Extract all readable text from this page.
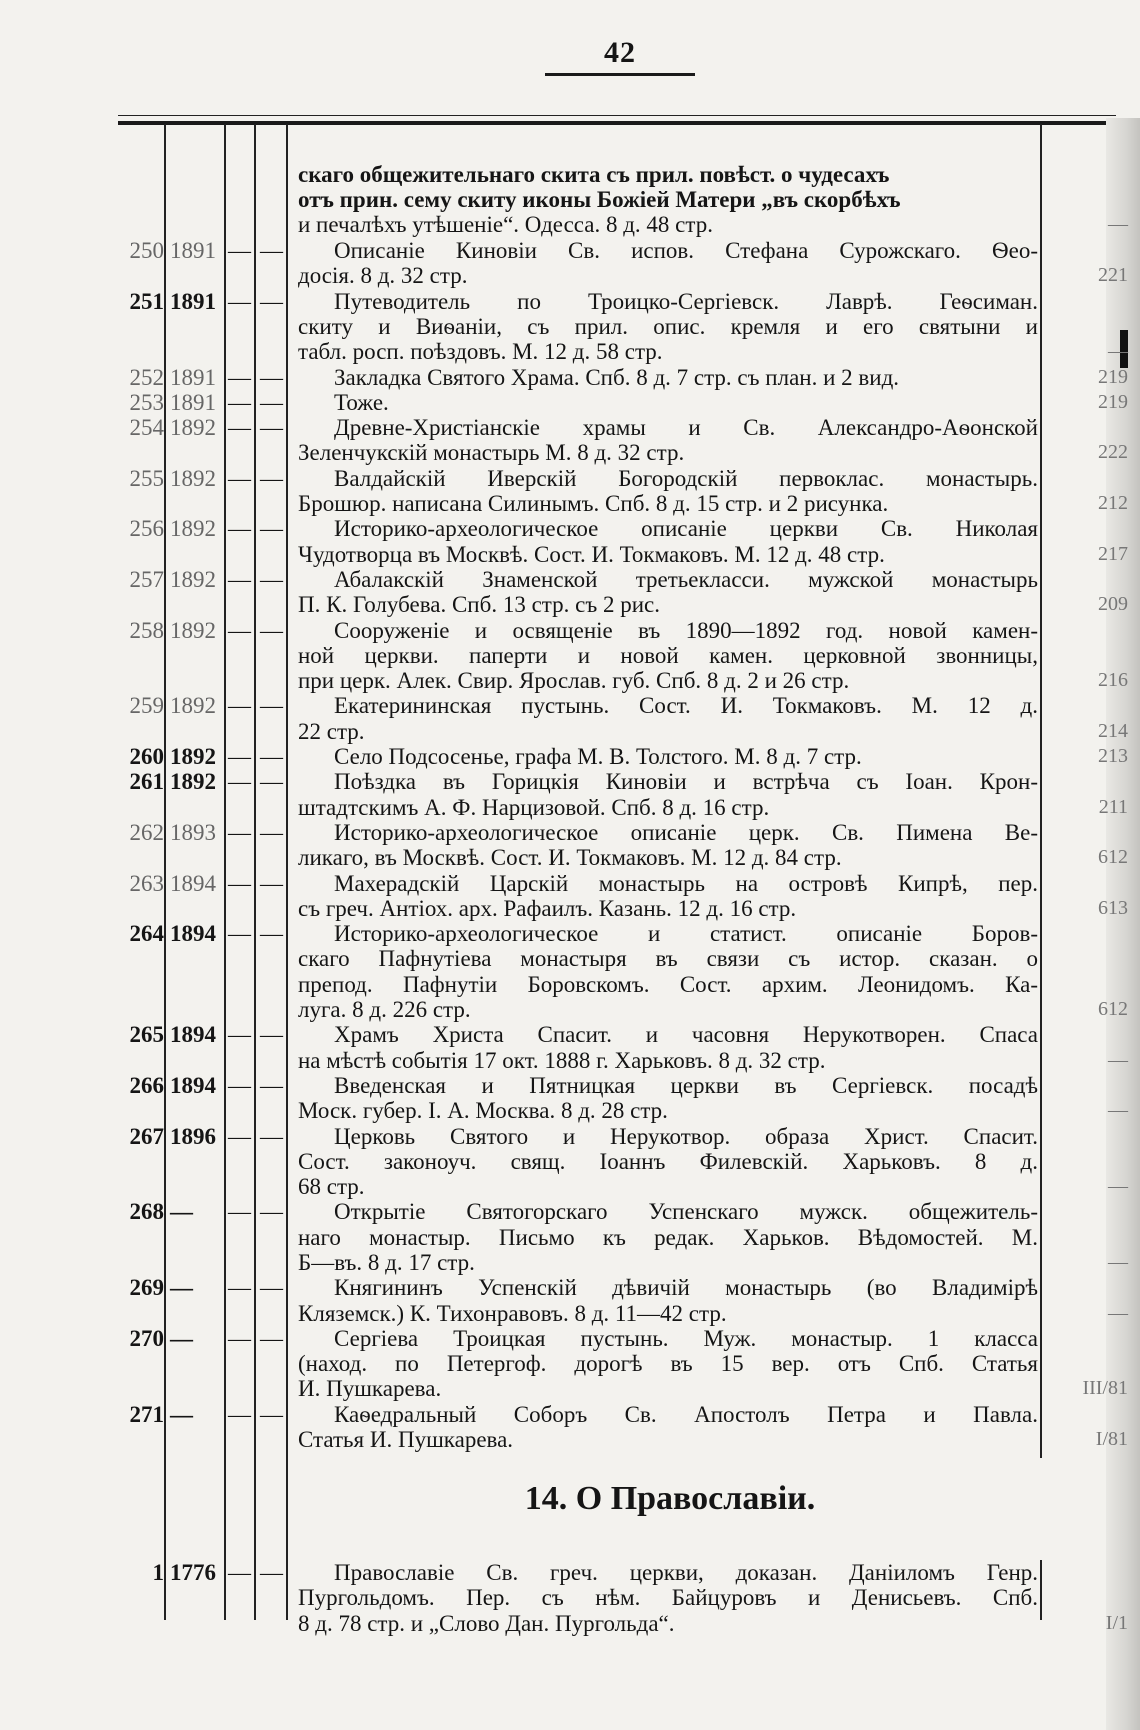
42
скаго общежительнаго скита съ прил. повѣст. о чудесахъ
отъ прин. сему скиту иконы Божіей Матери „въ скорбѣхъ
и печалѣхъ утѣшеніе“. Одесса. 8 д. 48 стр.	—
250 1891 — —	Описаніе Киновіи Св. испов. Стефана Сурожскаго. Ѳео-
досія. 8 д. 32 стр.	221
251 1891 — —	Путеводитель по Троицко-Сергіевск. Лаврѣ. Геѳсиман.
скиту и Виѳаніи, съ прил. опис. кремля и его святыни и
табл. росп. поѣздовъ. М. 12 д. 58 стр.	—
252 1891 — —	Закладка Святого Храма. Спб. 8 д. 7 стр. съ план. и 2 вид.	219
253 1891 — —	Тоже.	219
254 1892 — —	Древне-Христіанскіе храмы и Св. Александро-Аѳонской
Зеленчукскій монастырь М. 8 д. 32 стр.	222
255 1892 — —	Валдайскій Иверскій Богородскій первоклас. монастырь.
Брошюр. написана Силинымъ. Спб. 8 д. 15 стр. и 2 рисунка.	212
256 1892 — —	Историко-археологическое описаніе церкви Св. Николая
Чудотворца въ Москвѣ. Сост. И. Токмаковъ. М. 12 д. 48 стр.	217
257 1892 — —	Абалакскій Знаменской третьекласси. мужской монастырь
П. К. Голубева. Спб. 13 стр. съ 2 рис.	209
258 1892 — —	Сооруженіе и освященіе въ 1890—1892 год. новой камен-
ной церкви. паперти и новой камен. церковной звонницы,
при церк. Алек. Свир. Ярослав. губ. Спб. 8 д. 2 и 26 стр.	216
259 1892 — —	Екатерининская пустынь. Сост. И. Токмаковъ. М. 12 д.
22 стр.	214
260 1892 — —	Село Подсосенье, графа М. В. Толстого. М. 8 д. 7 стр.	213
261 1892 — —	Поѣздка въ Горицкія Киновіи и встрѣча съ Іоан. Крон-
штадтскимъ А. Ф. Нарцизовой. Спб. 8 д. 16 стр.	211
262 1893 — —	Историко-археологическое описаніе церк. Св. Пимена Ве-
ликаго, въ Москвѣ. Сост. И. Токмаковъ. М. 12 д. 84 стр.	612
263 1894 — —	Махерадскій Царскій монастырь на островѣ Кипрѣ, пер.
съ греч. Антіох. арх. Рафаилъ. Казань. 12 д. 16 стр.	613
264 1894 — —	Историко-археологическое и статист. описаніе Боров-
скаго Пафнутіева монастыря въ связи съ истор. сказан. о
препод. Пафнутіи Боровскомъ. Сост. архим. Леонидомъ. Ка-
луга. 8 д. 226 стр.	612
265 1894 — —	Храмъ Христа Спасит. и часовня Нерукотворен. Спаса
на мѣстѣ событія 17 окт. 1888 г. Харьковъ. 8 д. 32 стр.	—
266 1894 — —	Введенская и Пятницкая церкви въ Сергіевск. посадѣ
Моск. губер. I. А. Москва. 8 д. 28 стр.	—
267 1896 — —	Церковь Святого и Нерукотвор. образа Христ. Спасит.
Сост. законоуч. свящ. Іоаннъ Филевскій. Харьковъ. 8 д.
68 стр.	—
268 —	— —	Открытіе Святогорскаго Успенскаго мужск. общежитель-
наго монастыр. Письмо къ редак. Харьков. Вѣдомостей. М.
Б—въ. 8 д. 17 стр.	—
269 —	— —	Княгининъ Успенскій дѣвичій монастырь (во Владимірѣ
Кляземск.) К. Тихонравовъ. 8 д. 11—42 стр.	—
270 —	— —	Сергіева Троицкая пустынь. Муж. монастыр. 1 класса
(наход. по Петергоф. дорогѣ въ 15 вер. отъ Спб. Статья
И. Пушкарева.	III/81
271 —	— —	Каѳедральный Соборъ Св. Апостолъ Петра и Павла.
Статья И. Пушкарева.	I/81
14. О Православіи.
1 1776 — —	Православіе Св. греч. церкви, доказан. Даніиломъ Генр.
Пургольдомъ. Пер. съ нѣм. Байцуровъ и Денисьевъ. Спб.
8 д. 78 стр. и „Слово Дан. Пургольда“.	I/1
